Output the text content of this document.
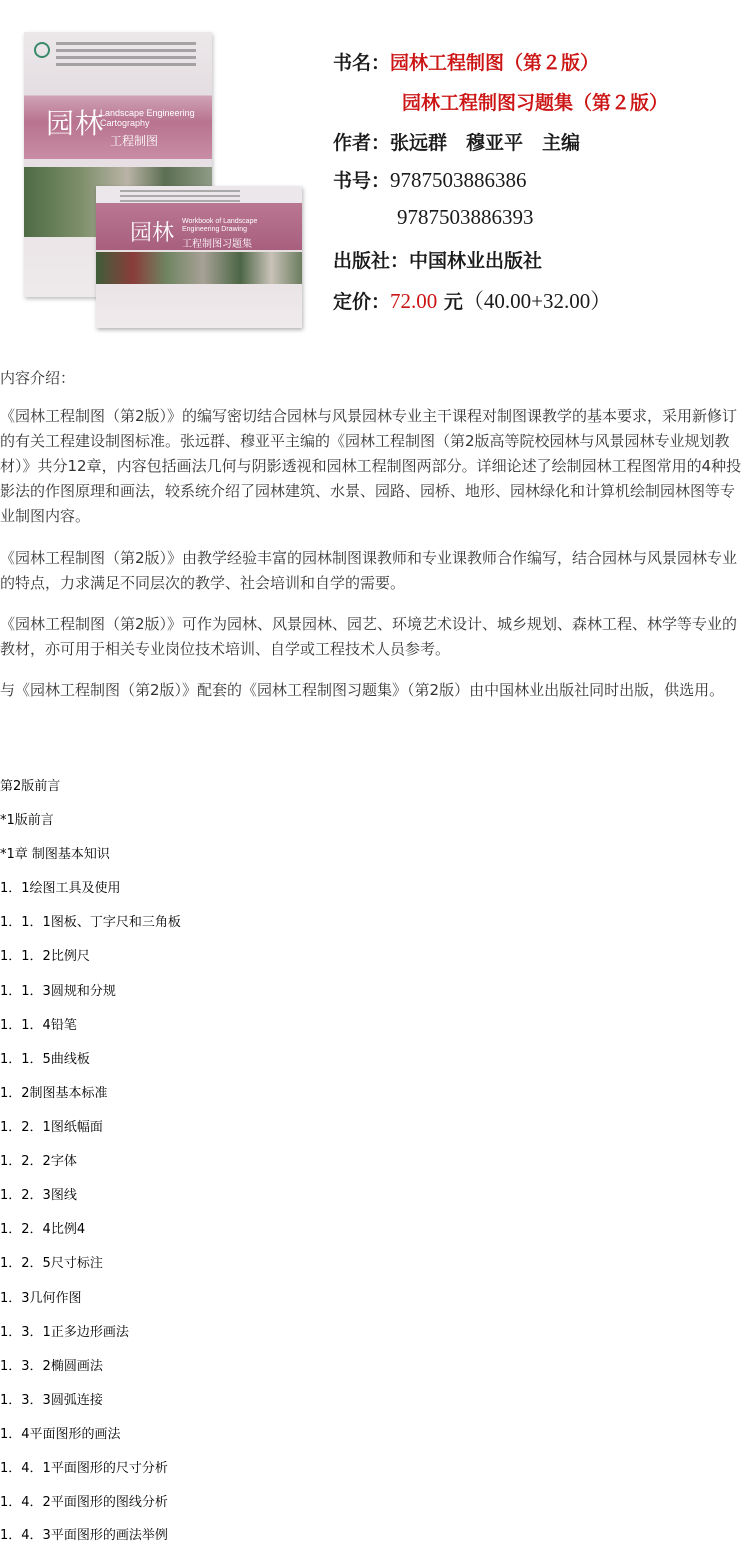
园林
Landscape Engineering Cartography
工程制图
园林 Workbook of Landscape Engineering Drawing
工程制图习题集
书名：园林工程制图（第２版）
园林工程制图习题集（第２版）
作者：张远群　穆亚平　主编
书号：9787503886386
9787503886393
出版社：中国林业出版社
定价：72.00 元（40.00+32.00）

内容介绍：

《园林工程制图（第2版）》的编写密切结合园林与风景园林专业主干课程对制图课教学的基本要求，采用新修订的有关工程建设制图标准。张远群、穆亚平主编的《园林工程制图（第2版高等院校园林与风景园林专业规划教材）》共分12章，内容包括画法几何与阴影透视和园林工程制图两部分。详细论述了绘制园林工程图常用的4种投影法的作图原理和画法，较系统介绍了园林建筑、水景、园路、园桥、地形、园林绿化和计算机绘制园林图等专业制图内容。

《园林工程制图（第2版）》由教学经验丰富的园林制图课教师和专业课教师合作编写，结合园林与风景园林专业的特点，力求满足不同层次的教学、社会培训和自学的需要。

《园林工程制图（第2版）》可作为园林、风景园林、园艺、环境艺术设计、城乡规划、森林工程、林学等专业的教材，亦可用于相关专业岗位技术培训、自学或工程技术人员参考。

与《园林工程制图（第2版）》配套的《园林工程制图习题集》（第2版）由中国林业出版社同时出版，供选用。

第2版前言
*1版前言
*1章 制图基本知识
1．1绘图工具及使用
1．1．1图板、丁字尺和三角板
1．1．2比例尺
1．1．3圆规和分规
1．1．4铅笔
1．1．5曲线板
1．2制图基本标准
1．2．1图纸幅面
1．2．2字体
1．2．3图线
1．2．4比例4
1．2．5尺寸标注
1．3几何作图
1．3．1正多边形画法
1．3．2椭圆画法
1．3．3圆弧连接
1．4平面图形的画法
1．4．1平面图形的尺寸分析
1．4．2平面图形的图线分析
1．4．3平面图形的画法举例
